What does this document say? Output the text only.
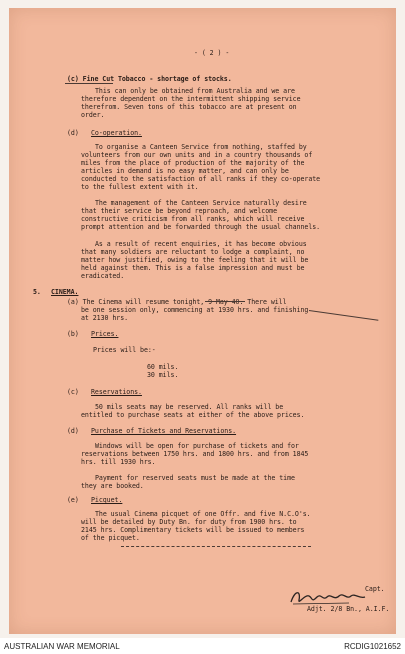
- ( 2 ) -
(c) Fine Cut Tobacco - shortage of stocks.
This can only be obtained from Australia and we are
therefore dependent on the intermittent shipping service
therefrom. Seven tons of this tobacco are at present on
order.
(d) Co-operation.
To organise a Canteen Service from nothing, staffed by
volunteers from our own units and in a country thousands of
miles from the place of production of the majority of the
articles in demand is no easy matter, and can only be
conducted to the satisfaction of all ranks if they co-operate
to the fullest extent with it.
The management of the Canteen Service naturally desire
that their service be beyond reproach, and welcome
constructive criticism from all ranks, which will receive
prompt attention and be forwarded through the usual channels.
As a result of recent enquiries, it has become obvious
that many soldiers are reluctant to lodge a complaint, no
matter how justified, owing to the feeling that it will be
held against them. This is a false impression and must be
eradicated.
5. CINEMA.
(a) The Cinema will resume tonight, 9 May 40. There will
be one session only, commencing at 1930 hrs. and finishing
at 2130 hrs.
(b) Prices.
Prices will be:-
60 mils.
30 mils.
(c) Reservations.
50 mils seats may be reserved. All ranks will be
entitled to purchase seats at either of the above prices.
(d) Purchase of Tickets and Reservations.
Windows will be open for purchase of tickets and for
reservations between 1750 hrs. and 1800 hrs. and from 1845
hrs. till 1930 hrs.
Payment for reserved seats must be made at the time
they are booked.
(e) Picquet.
The usual Cinema picquet of one Offr. and five N.C.O's.
will be detailed by Duty Bn. for duty from 1900 hrs. to
2145 hrs. Complimentary tickets will be issued to members
of the picquet.
Capt.
Adjt. 2/8 Bn., A.I.F.
AUSTRALIAN WAR MEMORIAL	RCDIG1021652
